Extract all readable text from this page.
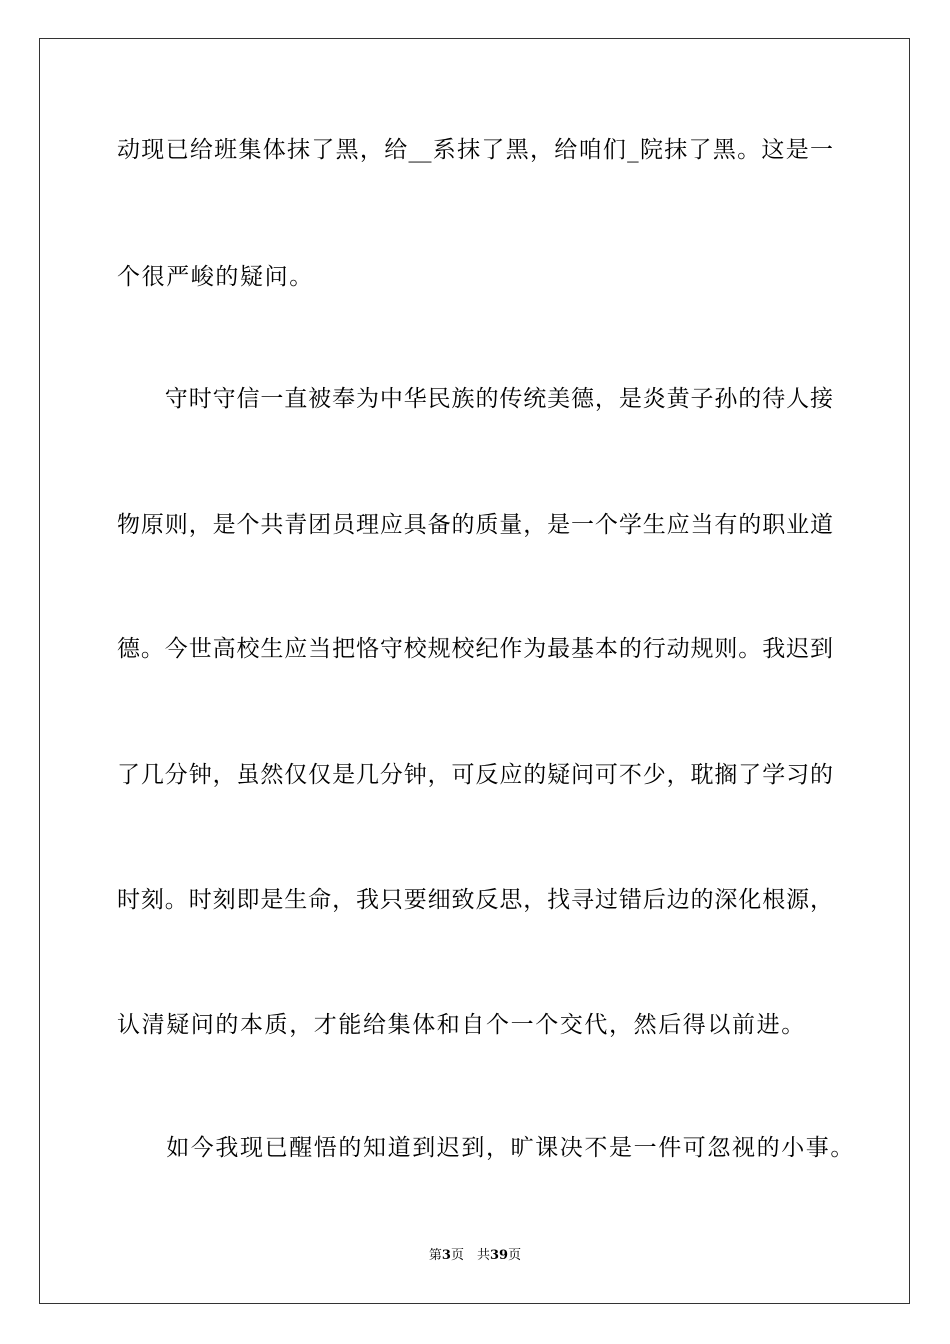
动现已给班集体抹了黑，给__系抹了黑，给咱们_院抹了黑。这是一
个很严峻的疑问。
　　守时守信一直被奉为中华民族的传统美德，是炎黄子孙的待人接
物原则，是个共青团员理应具备的质量，是一个学生应当有的职业道
德。今世高校生应当把恪守校规校纪作为最基本的行动规则。我迟到
了几分钟，虽然仅仅是几分钟，可反应的疑问可不少，耽搁了学习的
时刻。时刻即是生命，我只要细致反思，找寻过错后边的深化根源，
认清疑问的本质，才能给集体和自个一个交代，然后得以前进。
　　如今我现已醒悟的知道到迟到，旷课决不是一件可忽视的小事。
第3页　共39页
